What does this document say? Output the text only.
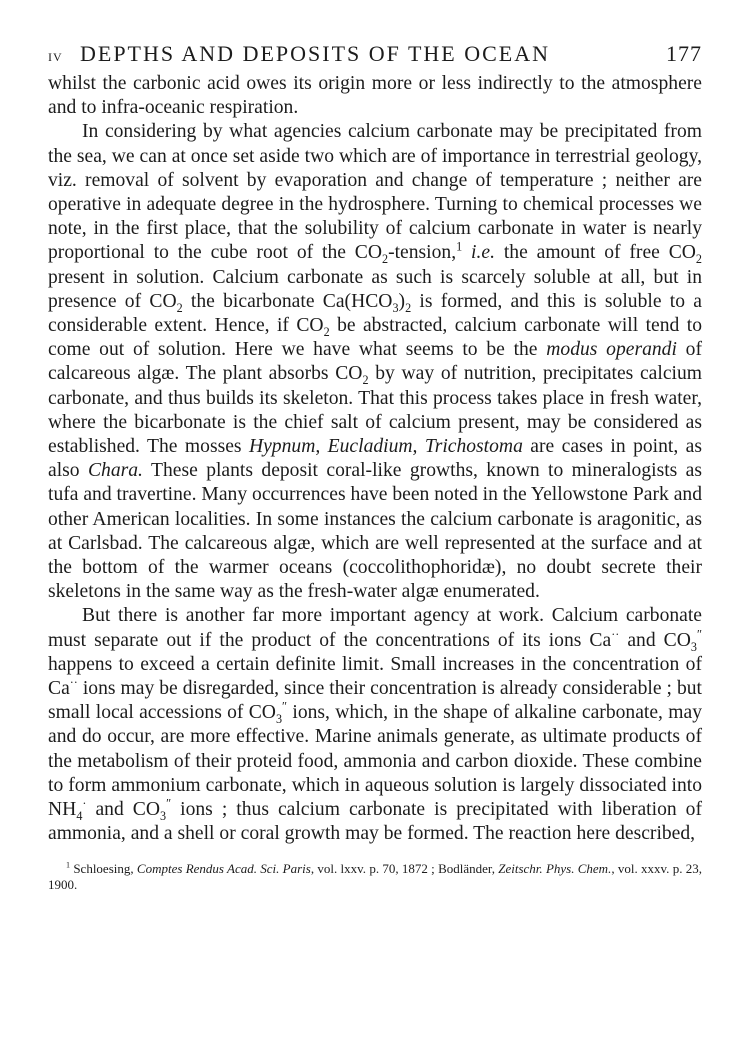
IV DEPTHS AND DEPOSITS OF THE OCEAN	177

whilst the carbonic acid owes its origin more or less indirectly to the atmosphere and to infra-oceanic respiration.

In considering by what agencies calcium carbonate may be precipitated from the sea, we can at once set aside two which are of importance in terrestrial geology, viz. removal of solvent by evaporation and change of temperature ; neither are operative in adequate degree in the hydrosphere. Turning to chemical processes we note, in the first place, that the solubility of calcium carbonate in water is nearly proportional to the cube root of the $CO_2-tension,^1$ i.e. the amount of free $CO_2$ present in solution. Calcium carbonate as such is scarcely soluble at all, but in presence of $CO_2$ the bicarbonate $Ca(HCO_3)_2$ is formed, and this is soluble to a considerable extent. Hence, if $CO_2$ be abstracted, calcium carbonate will tend to come out of solution. Here we have what seems to be the modus operandi of calcareous algæ. The plant absorbs $CO_2$ by way of nutrition, precipitates calcium carbonate, and thus builds its skeleton. That this process takes place in fresh water, where the bicarbonate is the chief salt of calcium present, may be considered as established. The mosses Hypnum, Eucladium, Trichostoma are cases in point, as also Chara. These plants deposit coral-like growths, known to mineralogists as tufa and travertine. Many occurrences have been noted in the Yellowstone Park and other American localities. In some instances the calcium carbonate is aragonitic, as at Carlsbad. The calcareous algæ, which are well represented at the surface and at the bottom of the warmer oceans (coccolithophoridæ), no doubt secrete their skeletons in the same way as the fresh-water algæ enumerated.

But there is another far more important agency at work. Calcium carbonate must separate out if the product of the concentrations of its ions Ca·· and $CO_3''$ happens to exceed a certain definite limit. Small increases in the concentration of Ca·· ions may be disregarded, since their concentration is already considerable ; but small local accessions of $CO_3''$ ions, which, in the shape of alkaline carbonate, may and do occur, are more effective. Marine animals generate, as ultimate products of the metabolism of their proteid food, ammonia and carbon dioxide. These combine to form ammonium carbonate, which in aqueous solution is largely dissociated into $NH_4^\cdot$ and $CO_3''$ ions ; thus calcium carbonate is precipitated with liberation of ammonia, and a shell or coral growth may be formed. The reaction here described,

$^1$ Schloesing, Comptes Rendus Acad. Sci. Paris, vol. lxxv. p. 70, 1872 ; Bodländer, Zeitschr. Phys. Chem., vol. xxxv. p. 23, 1900.
